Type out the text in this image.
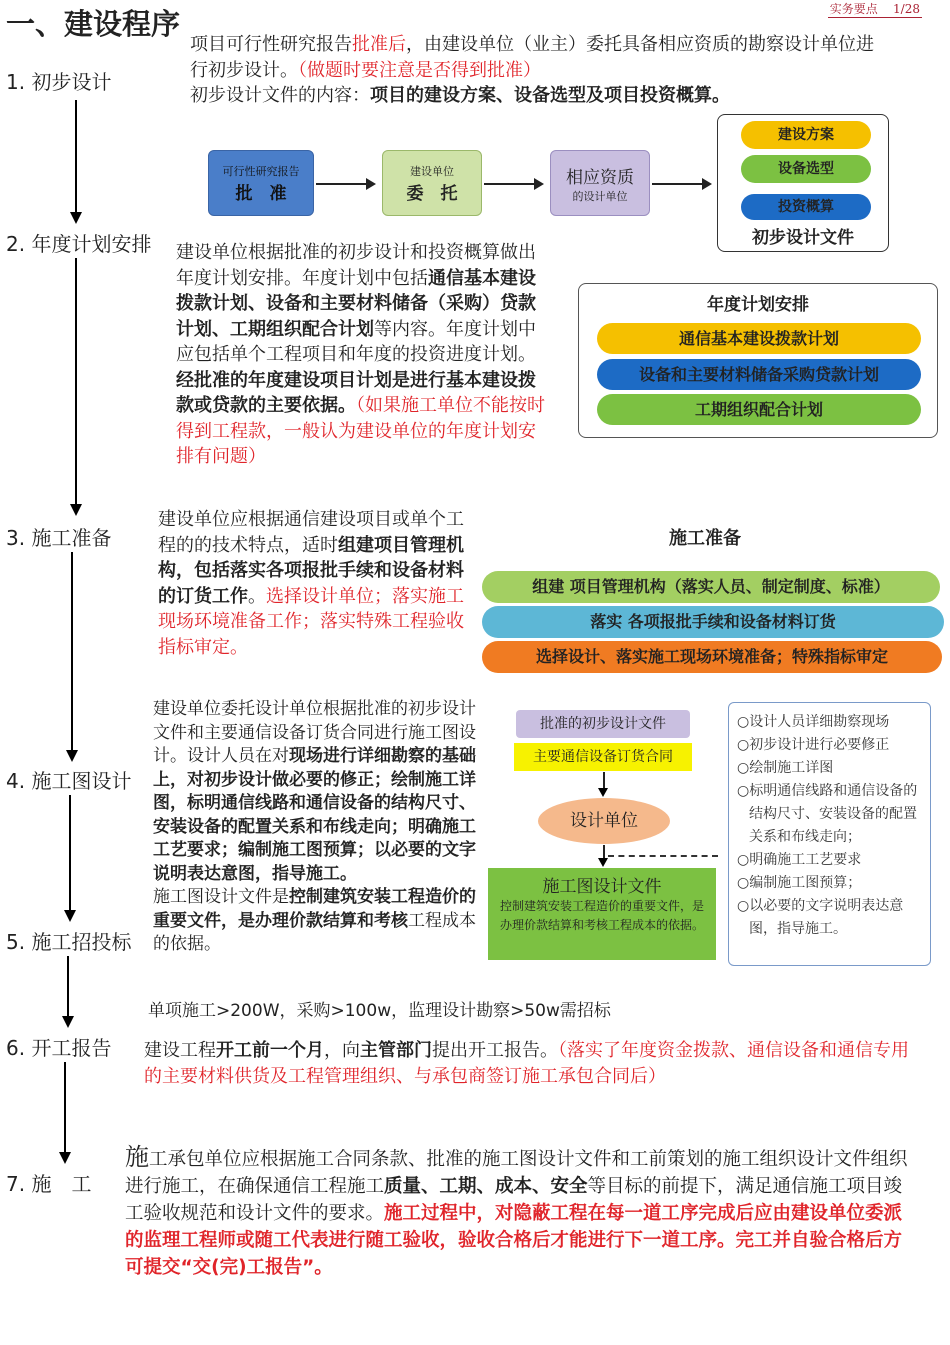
实务要点 1/28
一、建设程序
1. 初步设计
2. 年度计划安排
3. 施工准备
4. 施工图设计
5. 施工招投标
6. 开工报告
7. 施　工
项目可行性研究报告批准后，由建设单位（业主）委托具备相应资质的勘察设计单位进行初步设计。（做题时要注意是否得到批准）
初步设计文件的内容：项目的建设方案、设备选型及项目投资概算。
可行性研究报告
批　准
建设单位
委　托
相应资质
的设计单位
建设方案
设备选型
投资概算
初步设计文件
建设单位根据批准的初步设计和投资概算做出年度计划安排。年度计划中包括通信基本建设拨款计划、设备和主要材料储备（采购）贷款计划、工期组织配合计划等内容。年度计划中应包括单个工程项目和年度的投资进度计划。经批准的年度建设项目计划是进行基本建设拨款或贷款的主要依据。（如果施工单位不能按时得到工程款，一般认为建设单位的年度计划安排有问题）
年度计划安排
通信基本建设拨款计划
设备和主要材料储备采购贷款计划
工期组织配合计划
建设单位应根据通信建设项目或单个工程的的技术特点，适时组建项目管理机构，包括落实各项报批手续和设备材料的订货工作。选择设计单位；落实施工现场环境准备工作；落实特殊工程验收指标审定。
施工准备
组建 项目管理机构（落实人员、制定制度、标准）
落实 各项报批手续和设备材料订货
选择设计、落实施工现场环境准备；特殊指标审定
建设单位委托设计单位根据批准的初步设计文件和主要通信设备订货合同进行施工图设计。设计人员在对现场进行详细勘察的基础上，对初步设计做必要的修正；绘制施工详图，标明通信线路和通信设备的结构尺寸、安装设备的配置关系和布线走向；明确施工工艺要求；编制施工图预算；以必要的文字说明表达意图，指导施工。
施工图设计文件是控制建筑安装工程造价的重要文件，是办理价款结算和考核工程成本的依据。
批准的初步设计文件
主要通信设备订货合同
设计单位
施工图设计文件
控制建筑安装工程造价的重要文件，是办理价款结算和考核工程成本的依据。
○设计人员详细勘察现场
○初步设计进行必要修正
○绘制施工详图
○标明通信线路和通信设备的结构尺寸、安装设备的配置关系和布线走向；
○明确施工工艺要求
○编制施工图预算；
○以必要的文字说明表达意图，指导施工。
单项施工>200W，采购>100w，监理设计勘察>50w需招标
建设工程开工前一个月，向主管部门提出开工报告。（落实了年度资金拨款、通信设备和通信专用的主要材料供货及工程管理组织、与承包商签订施工承包合同后）
施工承包单位应根据施工合同条款、批准的施工图设计文件和工前策划的施工组织设计文件组织进行施工，在确保通信工程施工质量、工期、成本、安全等目标的前提下，满足通信施工项目竣工验收规范和设计文件的要求。施工过程中，对隐蔽工程在每一道工序完成后应由建设单位委派的监理工程师或随工代表进行随工验收，验收合格后才能进行下一道工序。完工并自验合格后方可提交“交(完)工报告”。
